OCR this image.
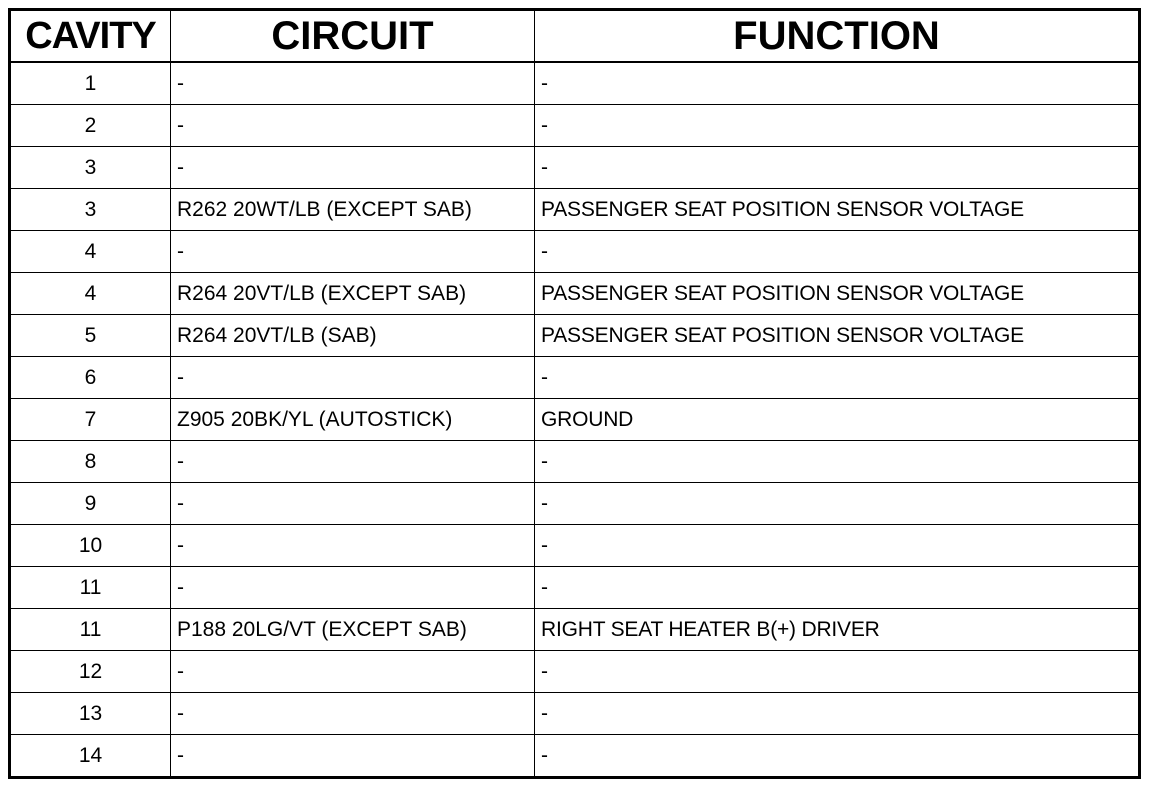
CAVITY	CIRCUIT	FUNCTION
1	-	-
2	-	-
3	-	-
3	R262 20WT/LB (EXCEPT SAB)	PASSENGER SEAT POSITION SENSOR VOLTAGE
4	-	-
4	R264 20VT/LB (EXCEPT SAB)	PASSENGER SEAT POSITION SENSOR VOLTAGE
5	R264 20VT/LB (SAB)	PASSENGER SEAT POSITION SENSOR VOLTAGE
6	-	-
7	Z905 20BK/YL (AUTOSTICK)	GROUND
8	-	-
9	-	-
10	-	-
11	-	-
11	P188 20LG/VT (EXCEPT SAB)	RIGHT SEAT HEATER B(+) DRIVER
12	-	-
13	-	-
14	-	-
